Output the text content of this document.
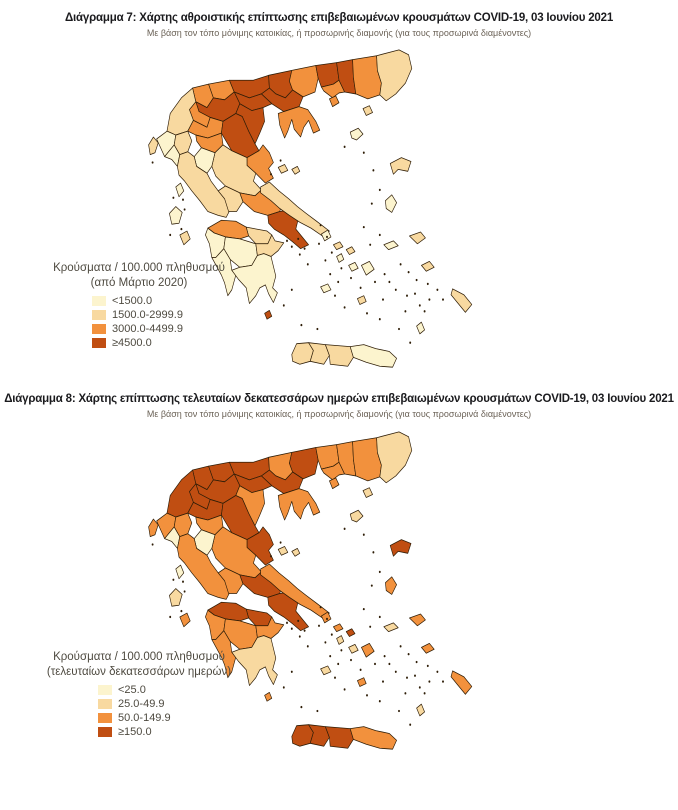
Διάγραμμα 7: Χάρτης αθροιστικής επίπτωσης επιβεβαιωμένων κρουσμάτων COVID-19, 03 Ιουνίου 2021
Με βάση τον τόπο μόνιμης κατοικίας, ή προσωρινής διαμονής (για τους προσωρινά διαμένοντες)
Κρούσματα / 100.000 πληθυσμού
(από Μάρτιο 2020)
<1500.0
1500.0-2999.9
3000.0-4499.9
≥4500.0
Διάγραμμα 8: Χάρτης επίπτωσης τελευταίων δεκατεσσάρων ημερών επιβεβαιωμένων κρουσμάτων COVID-19, 03 Ιουνίου 2021
Με βάση τον τόπο μόνιμης κατοικίας, ή προσωρινής διαμονής (για τους προσωρινά διαμένοντες)
Κρούσματα / 100.000 πληθυσμού
(τελευταίων δεκατεσσάρων ημερών)
<25.0
25.0-49.9
50.0-149.9
≥150.0
